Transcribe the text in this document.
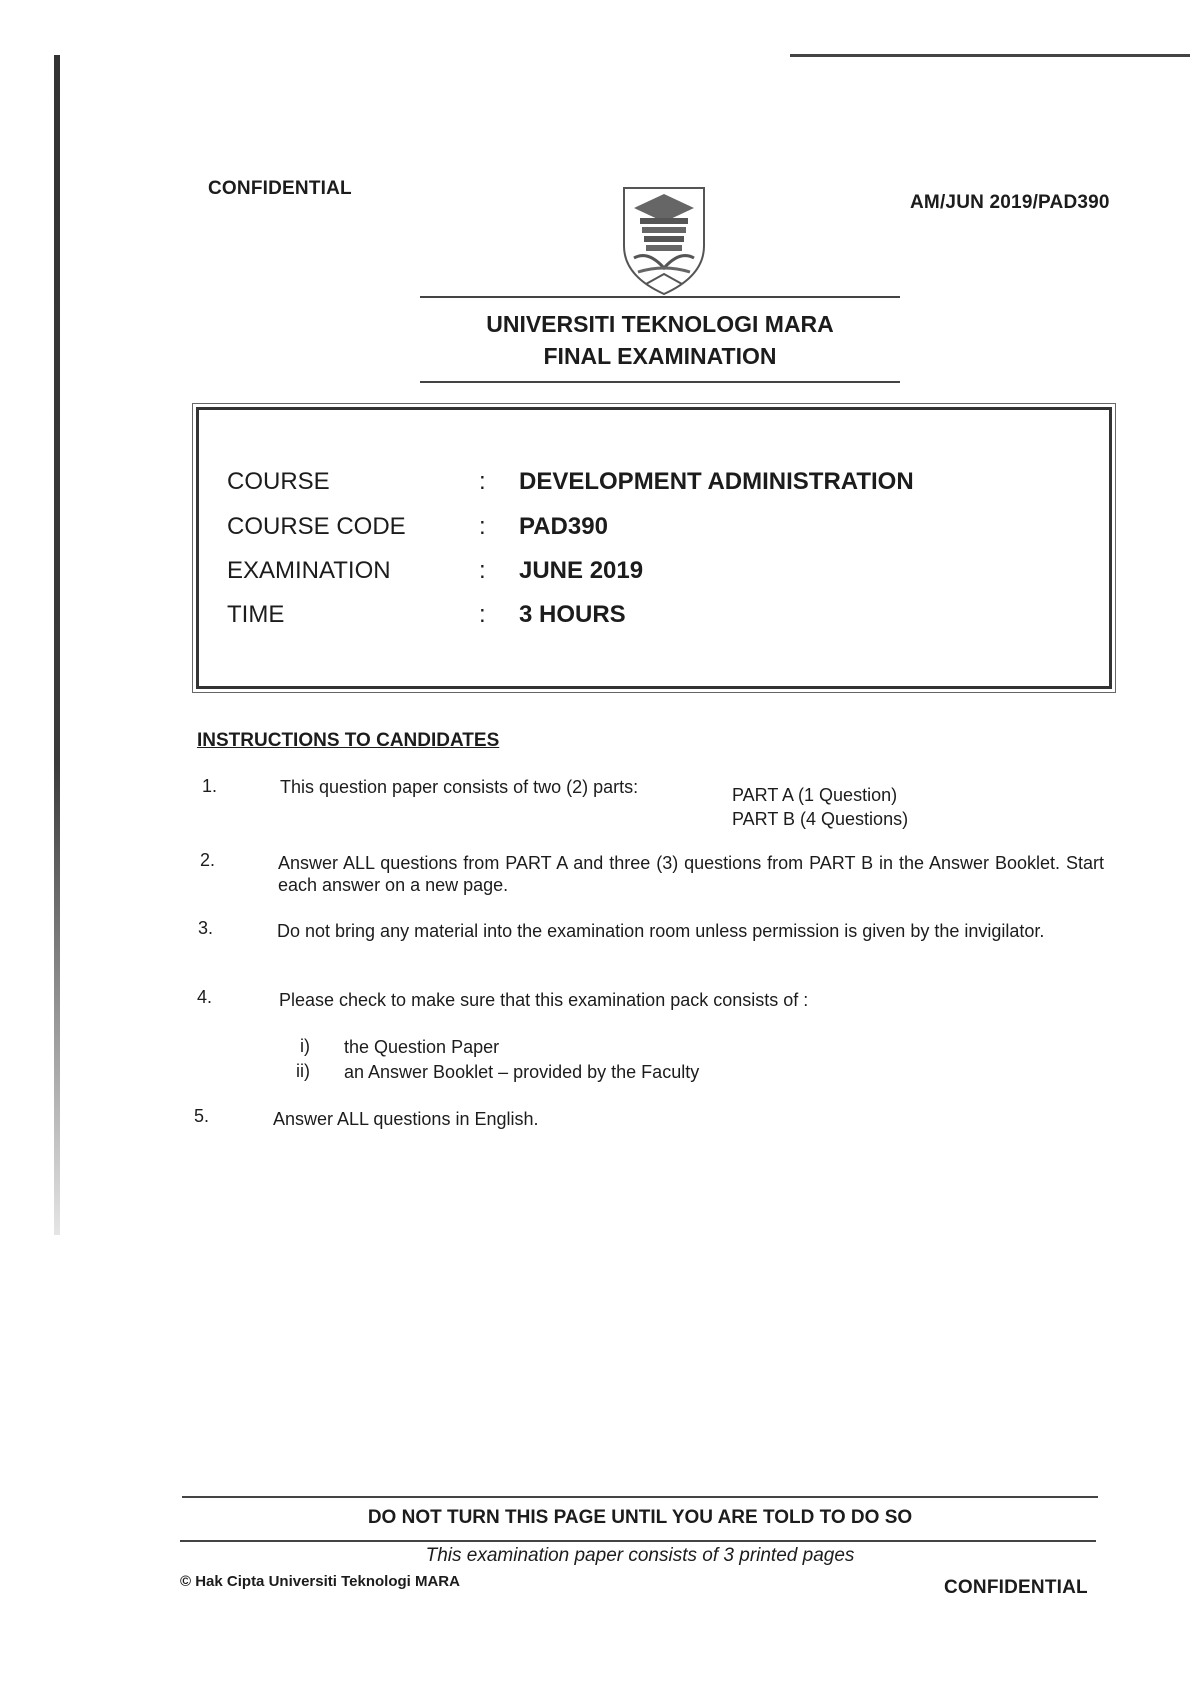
CONFIDENTIAL
AM/JUN 2019/PAD390
UNIVERSITI TEKNOLOGI MARA
FINAL EXAMINATION
COURSE	: DEVELOPMENT ADMINISTRATION
COURSE CODE	: PAD390
EXAMINATION	: JUNE 2019
TIME	: 3 HOURS
INSTRUCTIONS TO CANDIDATES
1.	This question paper consists of two (2) parts:	PART A (1 Question)
PART B (4 Questions)
2.	Answer ALL questions from PART A and three (3) questions from PART B in the Answer Booklet. Start each answer on a new page.
3.	Do not bring any material into the examination room unless permission is given by the invigilator.
4.	Please check to make sure that this examination pack consists of :
i) the Question Paper
ii) an Answer Booklet – provided by the Faculty
5.	Answer ALL questions in English.
DO NOT TURN THIS PAGE UNTIL YOU ARE TOLD TO DO SO
This examination paper consists of 3 printed pages
© Hak Cipta Universiti Teknologi MARA	CONFIDENTIAL
